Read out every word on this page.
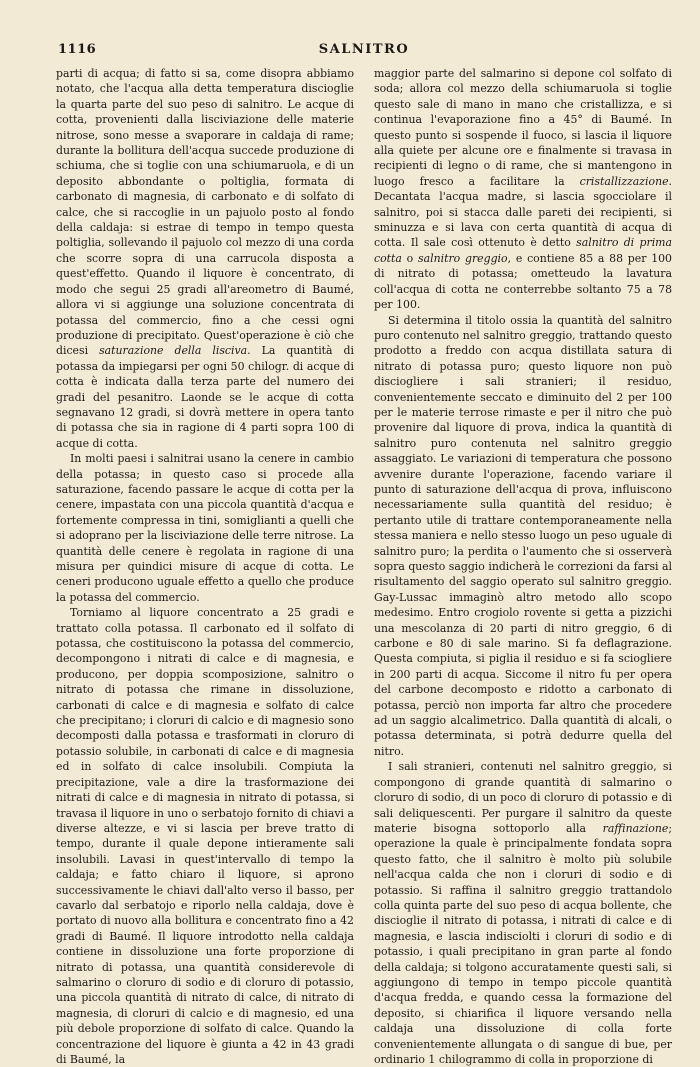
1116	SALNITRO

parti di acqua; di fatto si sa, come disopra abbiamo notato, che l'acqua alla detta temperatura discioglie la quarta parte del suo peso di salnitro. Le acque di cotta, provenienti dalla lisciviazione delle materie nitrose, sono messe a svaporare in caldaja di rame; durante la bollitura dell'acqua succede produzione di schiuma, che si toglie con una schiumaruola, e di un deposito abbondante o poltiglia, formata di carbonato di magnesia, di carbonato e di solfato di calce, che si raccoglie in un pajuolo posto al fondo della caldaja: si estrae di tempo in tempo questa poltiglia, sollevando il pajuolo col mezzo di una corda che scorre sopra di una carrucola disposta a quest'effetto. Quando il liquore è concentrato, di modo che segui 25 gradi all'areometro di Baumé, allora vi si aggiunge una soluzione concentrata di potassa del commercio, fino a che cessi ogni produzione di precipitato. Quest'operazione è ciò che dicesi saturazione della lisciva. La quantità di potassa da impiegarsi per ogni 50 chilogr. di acque di cotta è indicata dalla terza parte del numero dei gradi del pesanitro. Laonde se le acque di cotta segnavano 12 gradi, si dovrà mettere in opera tanto di potassa che sia in ragione di 4 parti sopra 100 di acque di cotta.

In molti paesi i salnitrai usano la cenere in cambio della potassa; in questo caso si procede alla saturazione, facendo passare le acque di cotta per la cenere, impastata con una piccola quantità d'acqua e fortemente compressa in tini, somiglianti a quelli che si adoprano per la lisciviazione delle terre nitrose. La quantità delle cenere è regolata in ragione di una misura per quindici misure di acque di cotta. Le ceneri producono uguale effetto a quello che produce la potassa del commercio.

Torniamo al liquore concentrato a 25 gradi e trattato colla potassa. Il carbonato ed il solfato di potassa, che costituiscono la potassa del commercio, decompongono i nitrati di calce e di magnesia, e producono, per doppia scomposizione, salnitro o nitrato di potassa che rimane in dissoluzione, carbonati di calce e di magnesia e solfato di calce che precipitano; i cloruri di calcio e di magnesio sono decomposti dalla potassa e trasformati in cloruro di potassio solubile, in carbonati di calce e di magnesia ed in solfato di calce insolubili. Compiuta la precipitazione, vale a dire la trasformazione dei nitrati di calce e di magnesia in nitrato di potassa, si travasa il liquore in uno o serbatojo fornito di chiavi a diverse altezze, e vi si lascia per breve tratto di tempo, durante il quale depone intieramente sali insolubili. Lavasi in quest'intervallo di tempo la caldaja; e fatto chiaro il liquore, si aprono successivamente le chiavi dall'alto verso il basso, per cavarlo dal serbatojo e riporlo nella caldaja, dove è portato di nuovo alla bollitura e concentrato fino a 42 gradi di Baumé. Il liquore introdotto nella caldaja contiene in dissoluzione una forte proporzione di nitrato di potassa, una quantità considerevole di salmarino o cloruro di sodio e di cloruro di potassio, una piccola quantità di nitrato di calce, di nitrato di magnesia, di cloruri di calcio e di magnesio, ed una più debole proporzione di solfato di calce. Quando la concentrazione del liquore è giunta a 42 in 43 gradi di Baumé, la

maggior parte del salmarino si depone col solfato di soda; allora col mezzo della schiumaruola si toglie questo sale di mano in mano che cristallizza, e si continua l'evaporazione fino a 45° di Baumé. In questo punto si sospende il fuoco, si lascia il liquore alla quiete per alcune ore e finalmente si travasa in recipienti di legno o di rame, che si mantengono in luogo fresco a facilitare la cristallizzazione. Decantata l'acqua madre, si lascia sgocciolare il salnitro, poi si stacca dalle pareti dei recipienti, si sminuzza e si lava con certa quantità di acqua di cotta. Il sale così ottenuto è detto salnitro di prima cotta o salnitro greggio, e contiene 85 a 88 per 100 di nitrato di potassa; ometteudo la lavatura coll'acqua di cotta ne conterrebbe soltanto 75 a 78 per 100.

Si determina il titolo ossia la quantità del salnitro puro contenuto nel salnitro greggio, trattando questo prodotto a freddo con acqua distillata satura di nitrato di potassa puro; questo liquore non può disciogliere i sali stranieri; il residuo, convenientemente seccato e diminuito del 2 per 100 per le materie terrose rimaste e per il nitro che può provenire dal liquore di prova, indica la quantità di salnitro puro contenuta nel salnitro greggio assaggiato. Le variazioni di temperatura che possono avvenire durante l'operazione, facendo variare il punto di saturazione dell'acqua di prova, influiscono necessariamente sulla quantità del residuo; è pertanto utile di trattare contemporaneamente nella stessa maniera e nello stesso luogo un peso uguale di salnitro puro; la perdita o l'aumento che si osserverà sopra questo saggio indicherà le correzioni da farsi al risultamento del saggio operato sul salnitro greggio. Gay-Lussac immaginò altro metodo allo scopo medesimo. Entro crogiolo rovente si getta a pizzichi una mescolanza di 20 parti di nitro greggio, 6 di carbone e 80 di sale marino. Si fa deflagrazione. Questa compiuta, si piglia il residuo e si fa sciogliere in 200 parti di acqua. Siccome il nitro fu per opera del carbone decomposto e ridotto a carbonato di potassa, perciò non importa far altro che procedere ad un saggio alcalimetrico. Dalla quantità di alcali, o potassa determinata, si potrà dedurre quella del nitro.

I sali stranieri, contenuti nel salnitro greggio, si compongono di grande quantità di salmarino o cloruro di sodio, di un poco di cloruro di potassio e di sali deliquescenti. Per purgare il salnitro da queste materie bisogna sottoporlo alla raffinazione; operazione la quale è principalmente fondata sopra questo fatto, che il salnitro è molto più solubile nell'acqua calda che non i cloruri di sodio e di potassio. Si raffina il salnitro greggio trattandolo colla quinta parte del suo peso di acqua bollente, che discioglie il nitrato di potassa, i nitrati di calce e di magnesia, e lascia indisciolti i cloruri di sodio e di potassio, i quali precipitano in gran parte al fondo della caldaja; si tolgono accuratamente questi sali, si aggiungono di tempo in tempo piccole quantità d'acqua fredda, e quando cessa la formazione del deposito, si chiarifica il liquore versando nella caldaja una dissoluzione di colla forte convenientemente allungata o di sangue di bue, per ordinario 1 chilogrammo di colla in proporzione di
